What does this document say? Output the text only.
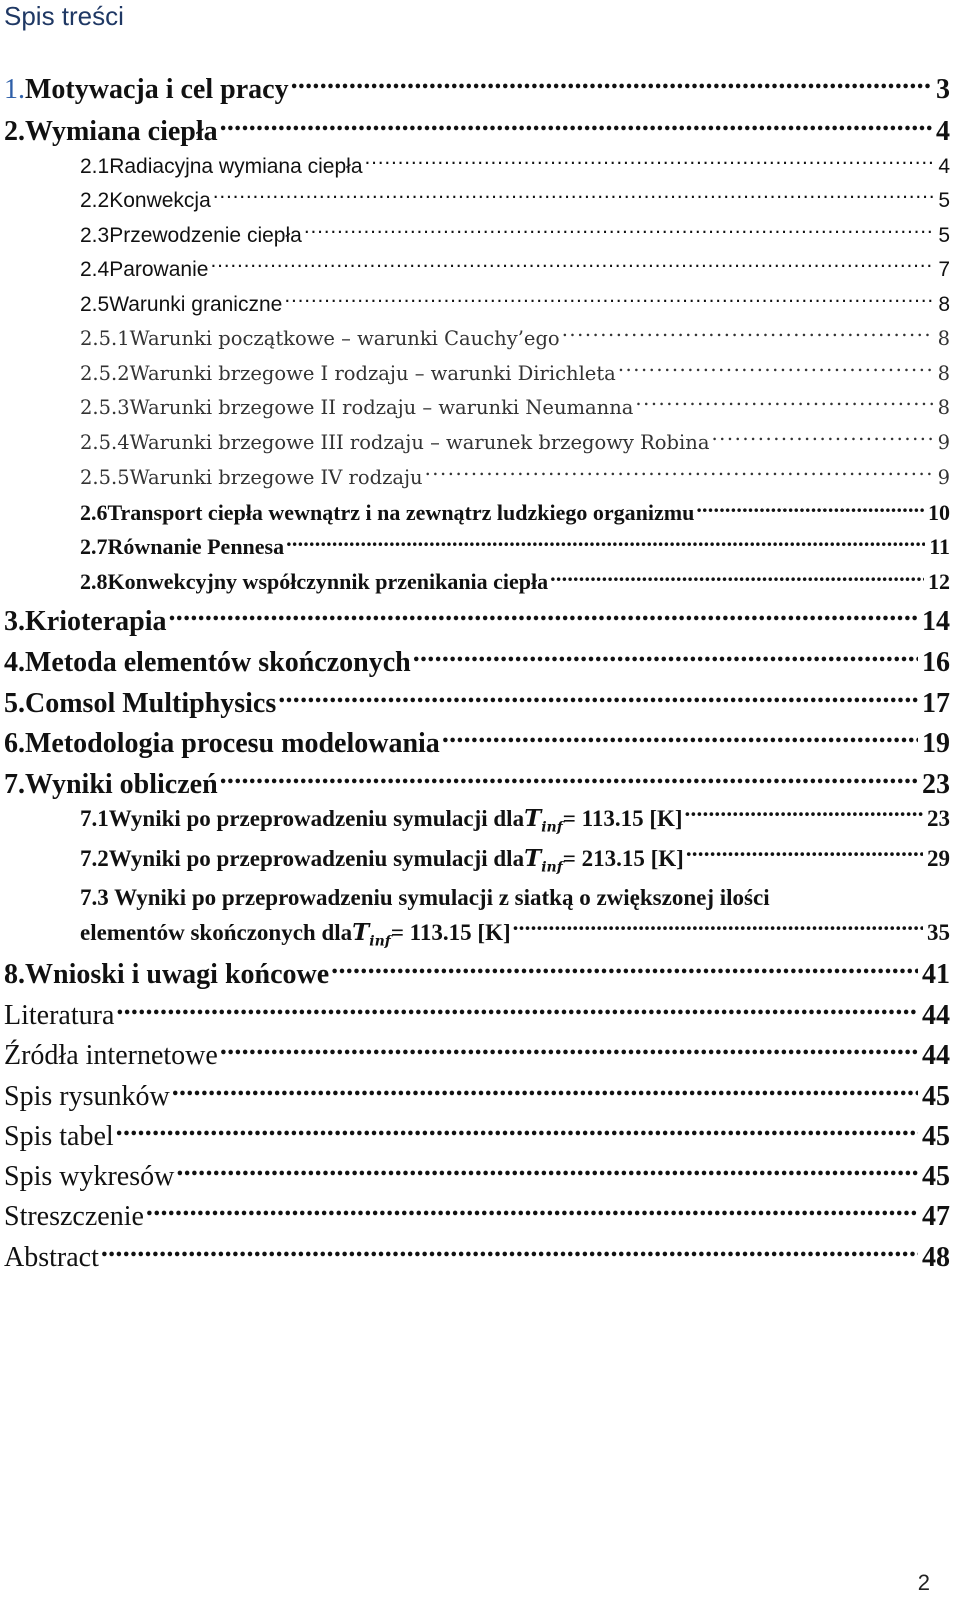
Spis treści
1. Motywacja i cel pracy . . .	3
2. Wymiana ciepła . . .	4
2.1 Radiacyjna wymiana ciepła . . .	4
2.2 Konwekcja . . .	5
2.3 Przewodzenie ciepła . . .	5
2.4 Parowanie . . .	7
2.5 Warunki graniczne . . .	8
2.5.1 Warunki początkowe – warunki Cauchy’ego . . .	8
2.5.2 Warunki brzegowe I rodzaju – warunki Dirichleta . . .	8
2.5.3 Warunki brzegowe II rodzaju – warunki Neumanna . . .	8
2.5.4 Warunki brzegowe III rodzaju – warunek brzegowy Robina . . .	9
2.5.5 Warunki brzegowe IV rodzaju . . .	9
2.6 Transport ciepła wewnątrz i na zewnątrz ludzkiego organizmu . . .	10
2.7 Równanie Pennesa . . .	11
2.8 Konwekcyjny współczynnik przenikania ciepła . . .	12
3. Krioterapia . . .	14
4. Metoda elementów skończonych . . .	16
5. Comsol Multiphysics . . .	17
6. Metodologia procesu modelowania . . .	19
7. Wyniki obliczeń . . .	23
7.1 Wyniki po przeprowadzeniu symulacji dla $T_{inf} = 113.15$ [K] . . .	23
7.2 Wyniki po przeprowadzeniu symulacji dla $T_{inf} = 213.15$ [K] . . .	29
7.3 Wyniki po przeprowadzeniu symulacji z siatką o zwiększonej ilości
elementów skończonych dla $T_{inf} = 113.15$ [K] . . .	35
8. Wnioski i uwagi końcowe . . .	41
Literatura . . .	44
Źródła internetowe . . .	44
Spis rysunków . . .	45
Spis tabel . . .	45
Spis wykresów . . .	45
Streszczenie . . .	47
Abstract . . .	48
2
